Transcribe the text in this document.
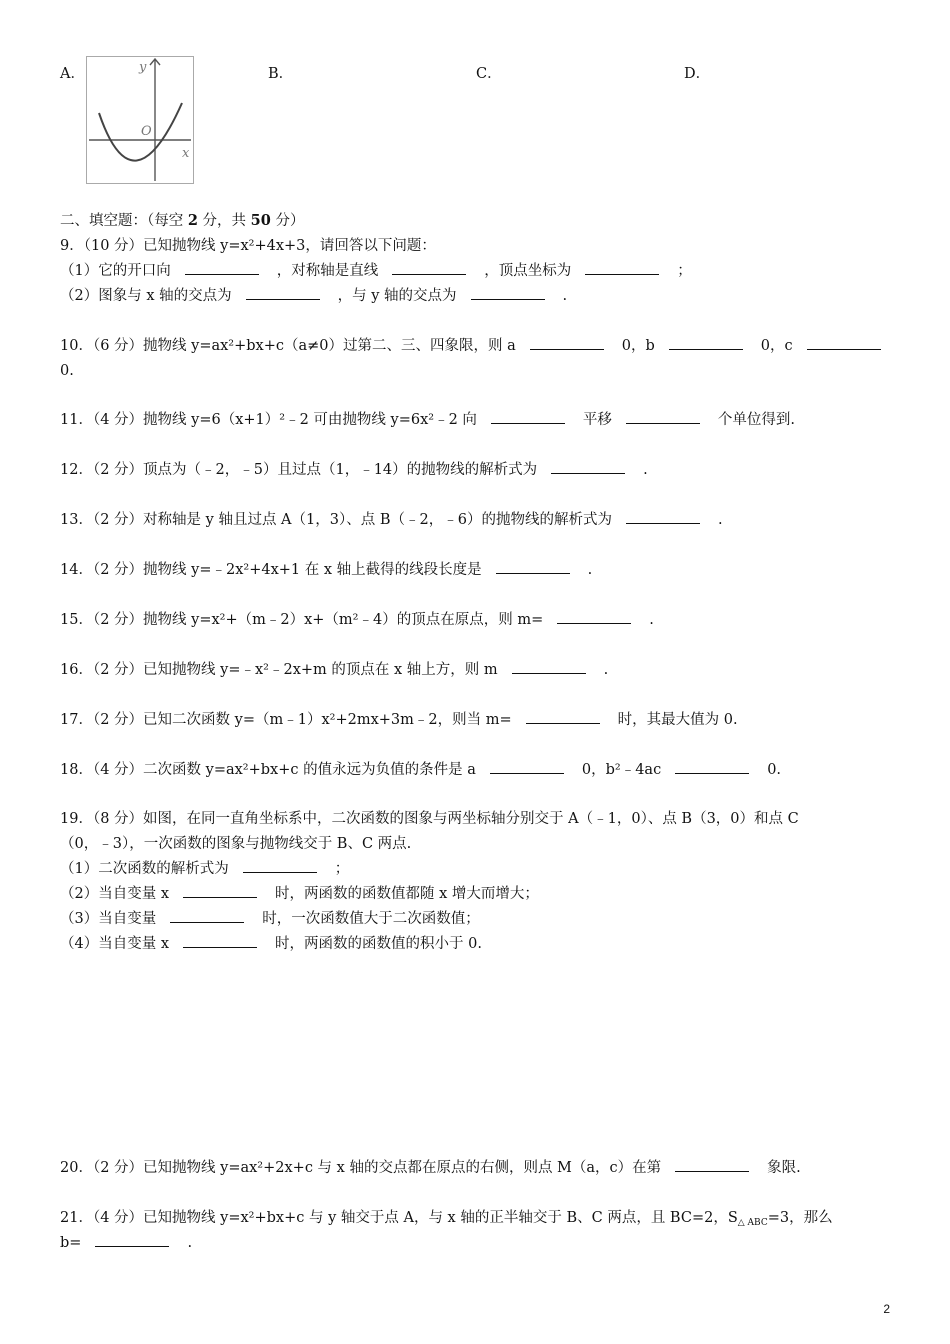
A．	y
x
O
B．	C．	D．
二、填空题：（每空 2 分，共 50 分）
9．（10 分）已知抛物线 y=x²+4x+3，请回答以下问题：
（1）它的开口向	，对称轴是直线	，顶点坐标为	；
（2）图象与 x 轴的交点为	，与 y 轴的交点为	.
10．（6 分）抛物线 y=ax²+bx+c（a≠0）过第二、三、四象限，则 a	0，b	0，c
0.
11．（4 分）抛物线 y=6（x+1）²﹣2 可由抛物线 y=6x²﹣2 向	平移	个单位得到.
12．（2 分）顶点为（﹣2，﹣5）且过点（1，﹣14）的抛物线的解析式为	.
13．（2 分）对称轴是 y 轴且过点 A（1，3）、点 B（﹣2，﹣6）的抛物线的解析式为	.
14．（2 分）抛物线 y=﹣2x²+4x+1 在 x 轴上截得的线段长度是	.
15．（2 分）抛物线 y=x²+（m﹣2）x+（m²﹣4）的顶点在原点，则 m=	.
16．（2 分）已知抛物线 y=﹣x²﹣2x+m 的顶点在 x 轴上方，则 m	.
17．（2 分）已知二次函数 y=（m﹣1）x²+2mx+3m﹣2，则当 m=	时，其最大值为 0.
18．（4 分）二次函数 y=ax²+bx+c 的值永远为负值的条件是 a	0，b²﹣4ac	0.
19．（8 分）如图，在同一直角坐标系中，二次函数的图象与两坐标轴分别交于 A（﹣1，0）、点 B（3，0）和点 C
（0，﹣3），一次函数的图象与抛物线交于 B、C 两点.
（1）二次函数的解析式为	；
（2）当自变量 x	时，两函数的函数值都随 x 增大而增大；
（3）当自变量	时，一次函数值大于二次函数值；
（4）当自变量 x	时，两函数的函数值的积小于 0.
20．（2 分）已知抛物线 y=ax²+2x+c 与 x 轴的交点都在原点的右侧，则点 M（a，c）在第	象限.
21．（4 分）已知抛物线 y=x²+bx+c 与 y 轴交于点 A，与 x 轴的正半轴交于 B、C 两点，且 BC=2，$S_{\triangle ABC}=3$，那么
b=	.
2
